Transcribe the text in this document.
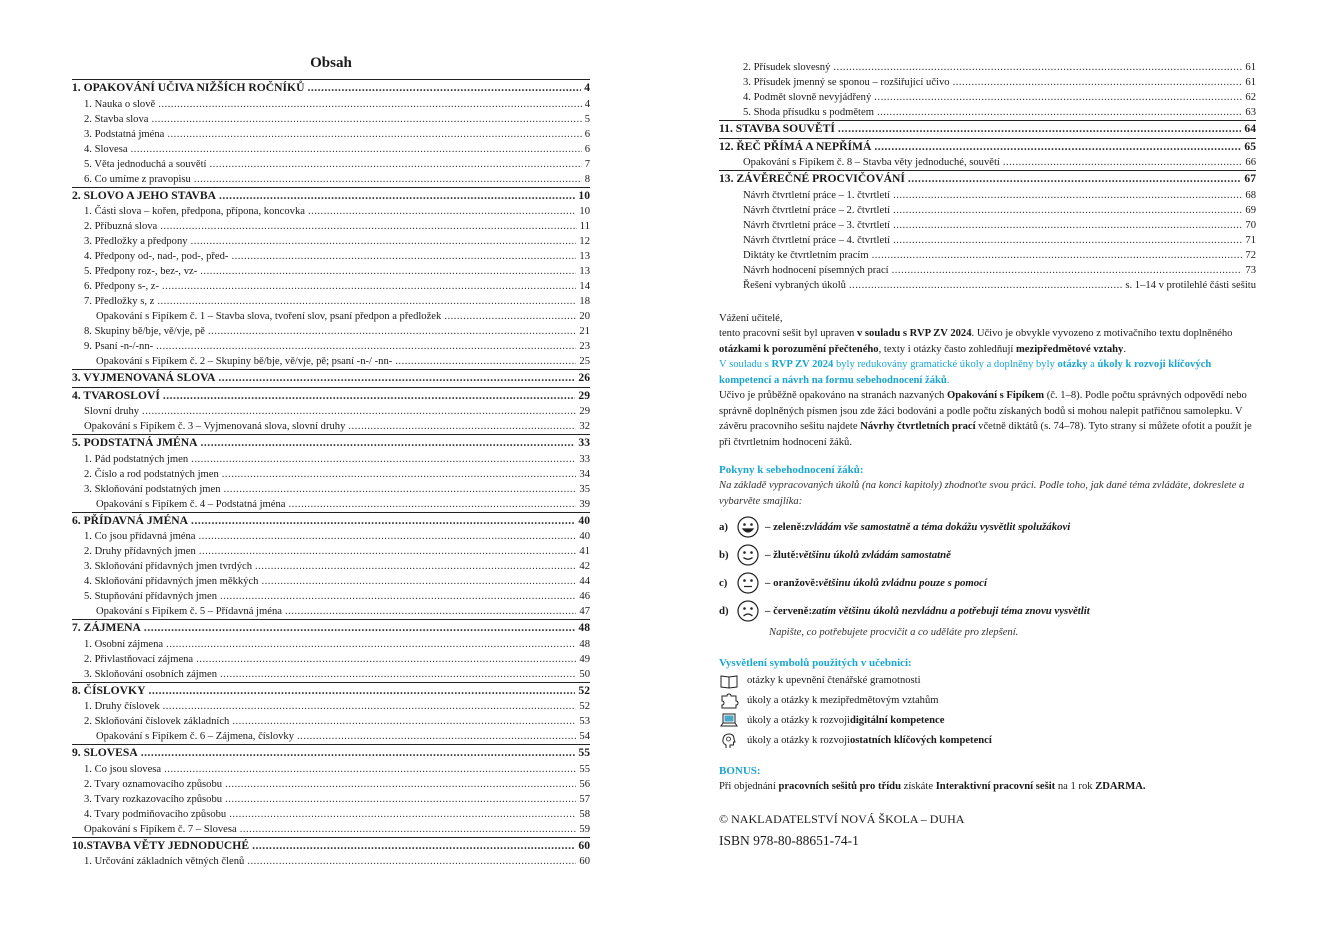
Obsah
1. OPAKOVÁNÍ UČIVA NIŽŠÍCH ROČNÍKŮ .....	4
1. Nauka o slově .....	4
2. Stavba slova .....	5
3. Podstatná jména .....	6
4. Slovesa .....	6
5. Věta jednoduchá a souvětí .....	7
6. Co umíme z pravopisu .....	8
2. SLOVO A JEHO STAVBA .....	10
1. Části slova – kořen, předpona, přípona, koncovka .....	10
2. Příbuzná slova .....	11
3. Předložky a předpony .....	12
4. Předpony od-, nad-, pod-, před- .....	13
5. Předpony roz-, bez-, vz- .....	13
6. Předpony s-, z- .....	14
7. Předložky s, z .....	18
Opakování s Fipíkem č. 1 – Stavba slova, tvoření slov, psaní předpon a předložek .....	20
8. Skupiny bě/bje, vě/vje, pě .....	21
9. Psaní -n-/-nn- .....	23
Opakování s Fipíkem č. 2 – Skupiny bě/bje, vě/vje, pě; psaní -n-/ -nn- .....	25
3. VYJMENOVANÁ SLOVA .....	26
4. TVAROSLOVÍ .....	29
Slovní druhy .....	29
Opakování s Fipíkem č. 3 – Vyjmenovaná slova, slovní druhy .....	32
5. PODSTATNÁ JMÉNA .....	33
1. Pád podstatných jmen .....	33
2. Číslo a rod podstatných jmen .....	34
3. Skloňování podstatných jmen .....	35
Opakování s Fipíkem č. 4 – Podstatná jména .....	39
6. PŘÍDAVNÁ JMÉNA .....	40
1. Co jsou přídavná jména .....	40
2. Druhy přídavných jmen .....	41
3. Skloňování přídavných jmen tvrdých .....	42
4. Skloňování přídavných jmen měkkých .....	44
5. Stupňování přídavných jmen .....	46
Opakování s Fipíkem č. 5 – Přídavná jména .....	47
7. ZÁJMENA .....	48
1. Osobní zájmena .....	48
2. Přivlastňovací zájmena .....	49
3. Skloňování osobních zájmen .....	50
8. ČÍSLOVKY .....	52
1. Druhy číslovek .....	52
2. Skloňování číslovek základních .....	53
Opakování s Fipíkem č. 6 – Zájmena, číslovky .....	54
9. SLOVESA .....	55
1. Co jsou slovesa .....	55
2. Tvary oznamovacího způsobu .....	56
3. Tvary rozkazovacího způsobu .....	57
4. Tvary podmiňovacího způsobu .....	58
Opakování s Fipíkem č. 7 – Slovesa .....	59
10.STAVBA VĚTY JEDNODUCHÉ .....	60
1. Určování základních větných členů .....	60
2. Přísudek slovesný .....	61
3. Přísudek jmenný se sponou – rozšiřující učivo .....	61
4. Podmět slovně nevyjádřený .....	62
5. Shoda přísudku s podmětem .....	63
11. STAVBA SOUVĚTÍ .....	64
12. ŘEČ PŘÍMÁ A NEPŘÍMÁ .....	65
Opakování s Fipíkem č. 8 – Stavba věty jednoduché, souvětí .....	66
13. ZÁVĚREČNÉ PROCVIČOVÁNÍ .....	67
Návrh čtvrtletní práce – 1. čtvrtletí .....	68
Návrh čtvrtletní práce – 2. čtvrtletí .....	69
Návrh čtvrtletní práce – 3. čtvrtletí .....	70
Návrh čtvrtletní práce – 4. čtvrtletí .....	71
Diktáty ke čtvrtletním pracím .....	72
Návrh hodnocení písemných prací .....	73
Řešení vybraných úkolů .....	s. 1–14 v protilehlé části sešitu

Vážení učitelé,

tento pracovní sešit byl upraven v souladu s RVP ZV 2024. Učivo je obvykle vyvozeno z motivačního textu doplněného otázkami k porozumění přečteného, texty i otázky často zohledňují mezipředmětové vztahy.

V souladu s RVP ZV 2024 byly redukovány gramatické úkoly a doplněny byly otázky a úkoly k rozvoji klíčových kompetencí a návrh na formu sebehodnocení žáků.

Učivo je průběžně opakováno na stranách nazvaných Opakování s Fipíkem (č. 1–8). Podle počtu správných odpovědí nebo správně doplněných písmen jsou zde žáci bodováni a podle počtu získaných bodů si mohou nalepit patřičnou samolepku. V závěru pracovního sešitu najdete Návrhy čtvrtletních prací včetně diktátů (s. 74–78). Tyto strany si můžete ofotit a použít je při čtvrtletním hodnocení žáků.

Pokyny k sebehodnocení žáků:

Na základě vypracovaných úkolů (na konci kapitoly) zhodnoťte svou práci. Podle toho, jak dané téma zvládáte, dokreslete a vybarvěte smajlíka:

a)	– zeleně: zvládám vše samostatně a téma dokážu vysvětlit spolužákovi
b)	– žlutě: většinu úkolů zvládám samostatně
c)	– oranžově: většinu úkolů zvládnu pouze s pomocí
d)	– červeně: zatím většinu úkolů nezvládnu a potřebuji téma znovu vysvětlit

Napište, co potřebujete procvičit a co uděláte pro zlepšení.

Vysvětlení symbolů použitých v učebnici:

otázky k upevnění čtenářské gramotnosti
úkoly a otázky k mezipředmětovým vztahům
úkoly a otázky k rozvoji digitální kompetence
úkoly a otázky k rozvoji ostatních klíčových kompetencí

BONUS:

Při objednání pracovních sešitů pro třídu získáte Interaktivní pracovní sešit na 1 rok ZDARMA.

© NAKLADATELSTVÍ NOVÁ ŠKOLA – DUHA

ISBN 978-80-88651-74-1
